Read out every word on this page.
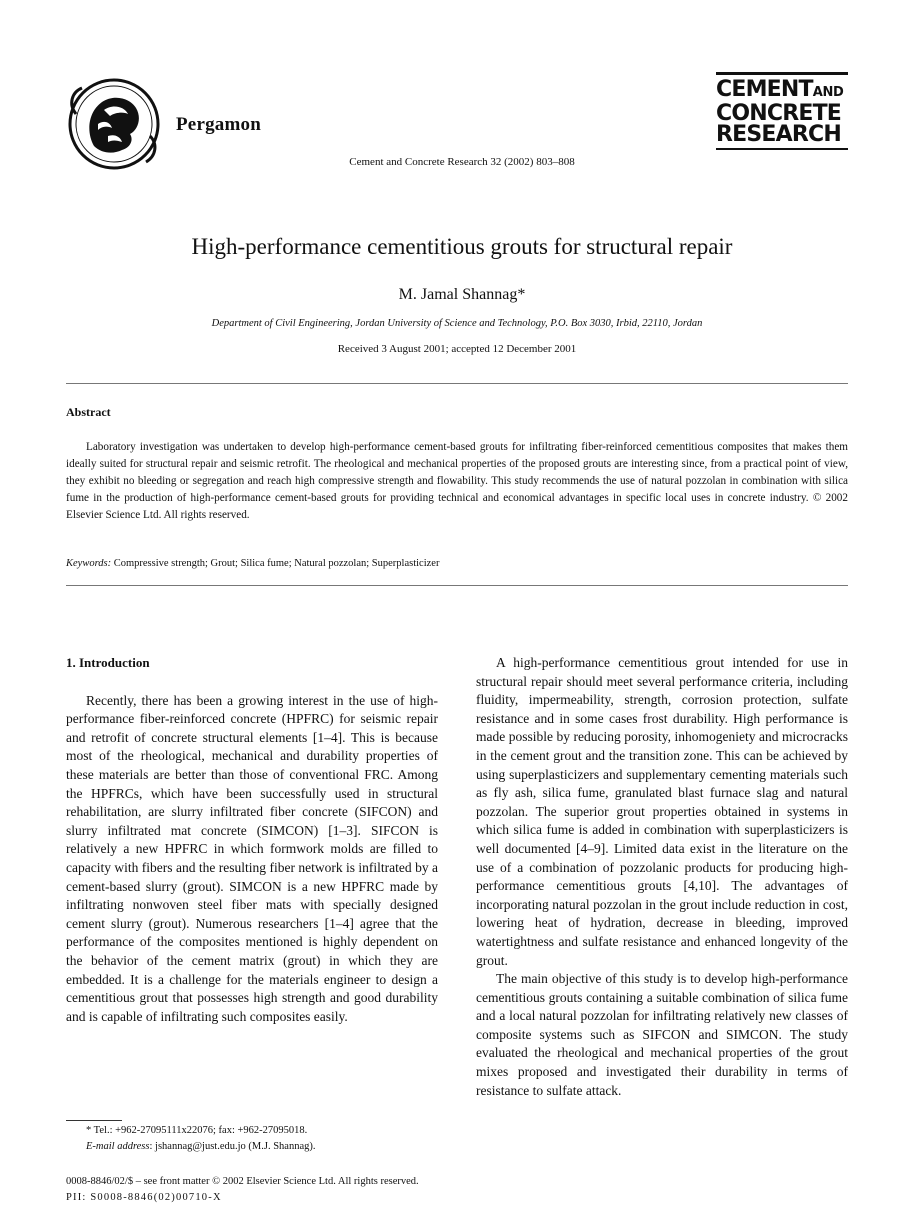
Pergamon
Cement and Concrete Research 32 (2002) 803–808
CEMENTAND
CONCRETE
RESEARCH
High-performance cementitious grouts for structural repair
M. Jamal Shannag*
Department of Civil Engineering, Jordan University of Science and Technology, P.O. Box 3030, Irbid, 22110, Jordan
Received 3 August 2001; accepted 12 December 2001
Abstract
Laboratory investigation was undertaken to develop high-performance cement-based grouts for infiltrating fiber-reinforced cementitious composites that makes them ideally suited for structural repair and seismic retrofit. The rheological and mechanical properties of the proposed grouts are interesting since, from a practical point of view, they exhibit no bleeding or segregation and reach high compressive strength and flowability. This study recommends the use of natural pozzolan in combination with silica fume in the production of high-performance cement-based grouts for providing technical and economical advantages in specific local uses in concrete industry. © 2002 Elsevier Science Ltd. All rights reserved.
Keywords: Compressive strength; Grout; Silica fume; Natural pozzolan; Superplasticizer
1. Introduction

Recently, there has been a growing interest in the use of high-performance fiber-reinforced concrete (HPFRC) for seismic repair and retrofit of concrete structural elements [1–4]. This is because most of the rheological, mechanical and durability properties of these materials are better than those of conventional FRC. Among the HPFRCs, which have been successfully used in structural rehabilitation, are slurry infiltrated fiber concrete (SIFCON) and slurry infiltrated mat concrete (SIMCON) [1–3]. SIFCON is relatively a new HPFRC in which formwork molds are filled to capacity with fibers and the resulting fiber network is infiltrated by a cement-based slurry (grout). SIMCON is a new HPFRC made by infiltrating nonwoven steel fiber mats with specially designed cement slurry (grout). Numerous researchers [1–4] agree that the performance of the composites mentioned is highly dependent on the behavior of the cement matrix (grout) in which they are embedded. It is a challenge for the materials engineer to design a cementitious grout that possesses high strength and good durability and is capable of infiltrating such composites easily.

A high-performance cementitious grout intended for use in structural repair should meet several performance criteria, including fluidity, impermeability, strength, corrosion protection, sulfate resistance and in some cases frost durability. High performance is made possible by reducing porosity, inhomogeniety and microcracks in the cement grout and the transition zone. This can be achieved by using superplasticizers and supplementary cementing materials such as fly ash, silica fume, granulated blast furnace slag and natural pozzolan. The superior grout properties obtained in systems in which silica fume is added in combination with superplasticizers is well documented [4–9]. Limited data exist in the literature on the use of a combination of pozzolanic products for producing high-performance cementitious grouts [4,10]. The advantages of incorporating natural pozzolan in the grout include reduction in cost, lowering heat of hydration, decrease in bleeding, improved watertightness and sulfate resistance and enhanced longevity of the grout.

The main objective of this study is to develop high-performance cementitious grouts containing a suitable combination of silica fume and a local natural pozzolan for infiltrating relatively new classes of composite systems such as SIFCON and SIMCON. The study evaluated the rheological and mechanical properties of the grout mixes proposed and investigated their durability in terms of resistance to sulfate attack.

* Tel.: +962-27095111x22076; fax: +962-27095018.
E-mail address: jshannag@just.edu.jo (M.J. Shannag).
0008-8846/02/$ – see front matter © 2002 Elsevier Science Ltd. All rights reserved.
PII: S0008-8846(02)00710-X
